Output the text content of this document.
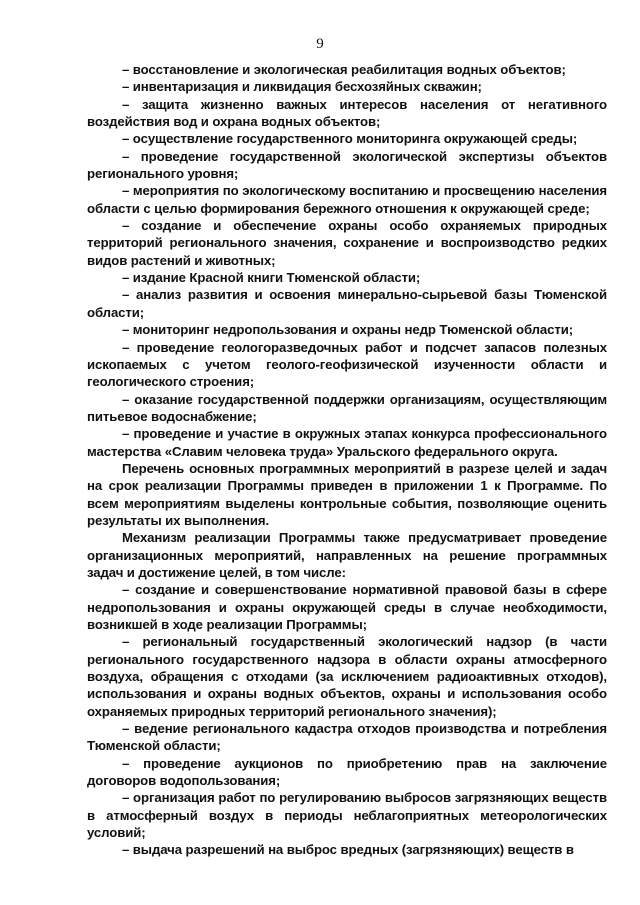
9

– восстановление и экологическая реабилитация водных объектов;

– инвентаризация и ликвидация бесхозяйных скважин;

– защита жизненно важных интересов населения от негативного воздействия вод и охрана водных объектов;

– осуществление государственного мониторинга окружающей среды;

– проведение государственной экологической экспертизы объектов регионального уровня;

– мероприятия по экологическому воспитанию и просвещению населения области с целью формирования бережного отношения к окружающей среде;

– создание и обеспечение охраны особо охраняемых природных территорий регионального значения, сохранение и воспроизводство редких видов растений и животных;

– издание Красной книги Тюменской области;

– анализ развития и освоения минерально-сырьевой базы Тюменской области;

– мониторинг недропользования и охраны недр Тюменской области;

– проведение геологоразведочных работ и подсчет запасов полезных ископаемых с учетом геолого-геофизической изученности области и геологического строения;

– оказание государственной поддержки организациям, осуществляющим питьевое водоснабжение;

– проведение и участие в окружных этапах конкурса профессионального мастерства «Славим человека труда» Уральского федерального округа.

Перечень основных программных мероприятий в разрезе целей и задач на срок реализации Программы приведен в приложении 1 к Программе. По всем мероприятиям выделены контрольные события, позволяющие оценить результаты их выполнения.

Механизм реализации Программы также предусматривает проведение организационных мероприятий, направленных на решение программных задач и достижение целей, в том числе:

– создание и совершенствование нормативной правовой базы в сфере недропользования и охраны окружающей среды в случае необходимости, возникшей в ходе реализации Программы;

– региональный государственный экологический надзор (в части регионального государственного надзора в области охраны атмосферного воздуха, обращения с отходами (за исключением радиоактивных отходов), использования и охраны водных объектов, охраны и использования особо охраняемых природных территорий регионального значения);

– ведение регионального кадастра отходов производства и потребления Тюменской области;

– проведение аукционов по приобретению прав на заключение договоров водопользования;

– организация работ по регулированию выбросов загрязняющих веществ в атмосферный воздух в периоды неблагоприятных метеорологических условий;

– выдача разрешений на выброс вредных (загрязняющих) веществ в
